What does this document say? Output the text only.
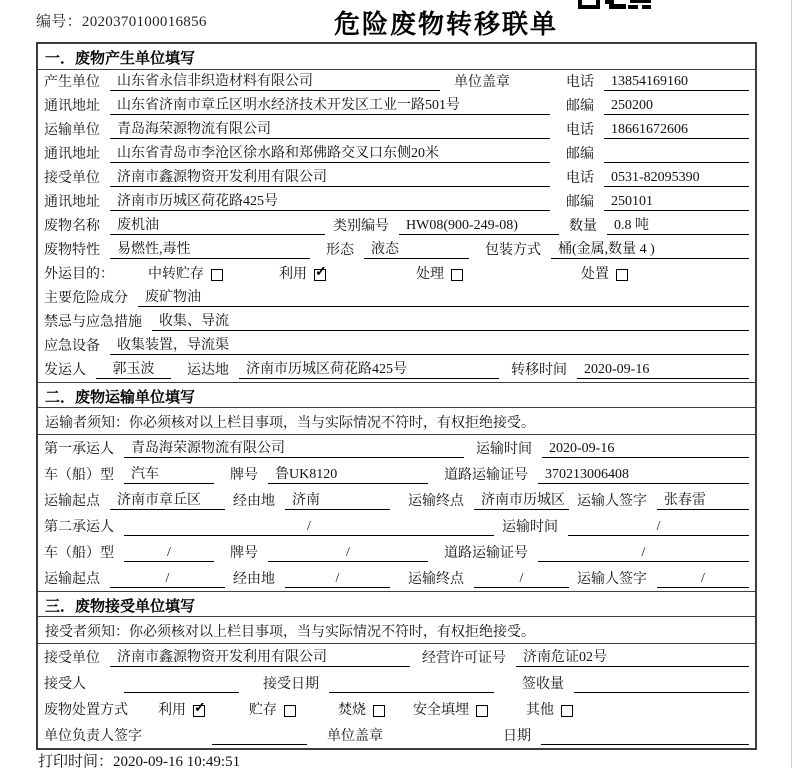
编号：2020370100016856	危险废物转移联单
一．废物产生单位填写
产生单位	山东省永信非织造材料有限公司	单位盖章	电话	13854169160
通讯地址	山东省济南市章丘区明水经济技术开发区工业一路501号	邮编	250200
运输单位	青岛海荣源物流有限公司	电话	18661672606
通讯地址	山东省青岛市李沧区徐水路和郑佛路交叉口东侧20米	邮编
接受单位	济南市鑫源物资开发利用有限公司	电话	0531-82095390
通讯地址	济南市历城区荷花路425号	邮编	250101
废物名称	废机油	类别编号	HW08(900-249-08)	数量	0.8 吨
废物特性	易燃性,毒性	形态	液态	包装方式	桶(金属,数量 4 )
外运目的： 中转贮存	利用 ✓	处理	处置
主要危险成分	废矿物油
禁忌与应急措施	收集、导流
应急设备	收集装置，导流渠
发运人	郭玉波	运达地	济南市历城区荷花路425号	转移时间	2020-09-16
二．废物运输单位填写
运输者须知：你必须核对以上栏目事项，当与实际情况不符时，有权拒绝接受。
第一承运人	青岛海荣源物流有限公司	运输时间	2020-09-16
车（船）型	汽车	牌号	鲁UK8120	道路运输证号	370213006408
运输起点	济南市章丘区	经由地	济南	运输终点	济南市历城区 运输人签字	张春雷
第二承运人	/	运输时间	/
车（船）型	/	牌号	/	道路运输证号	/
运输起点	/	经由地	/	运输终点	/	运输人签字	/
三．废物接受单位填写
接受者须知：你必须核对以上栏目事项，当与实际情况不符时，有权拒绝接受。
接受单位	济南市鑫源物资开发利用有限公司	经营许可证号	济南危证02号
接受人	接受日期	签收量
废物处置方式 利用 ✓	贮存	焚烧	安全填埋	其他
单位负责人签字	单位盖章	日期
打印时间：2020-09-16 10:49:51
